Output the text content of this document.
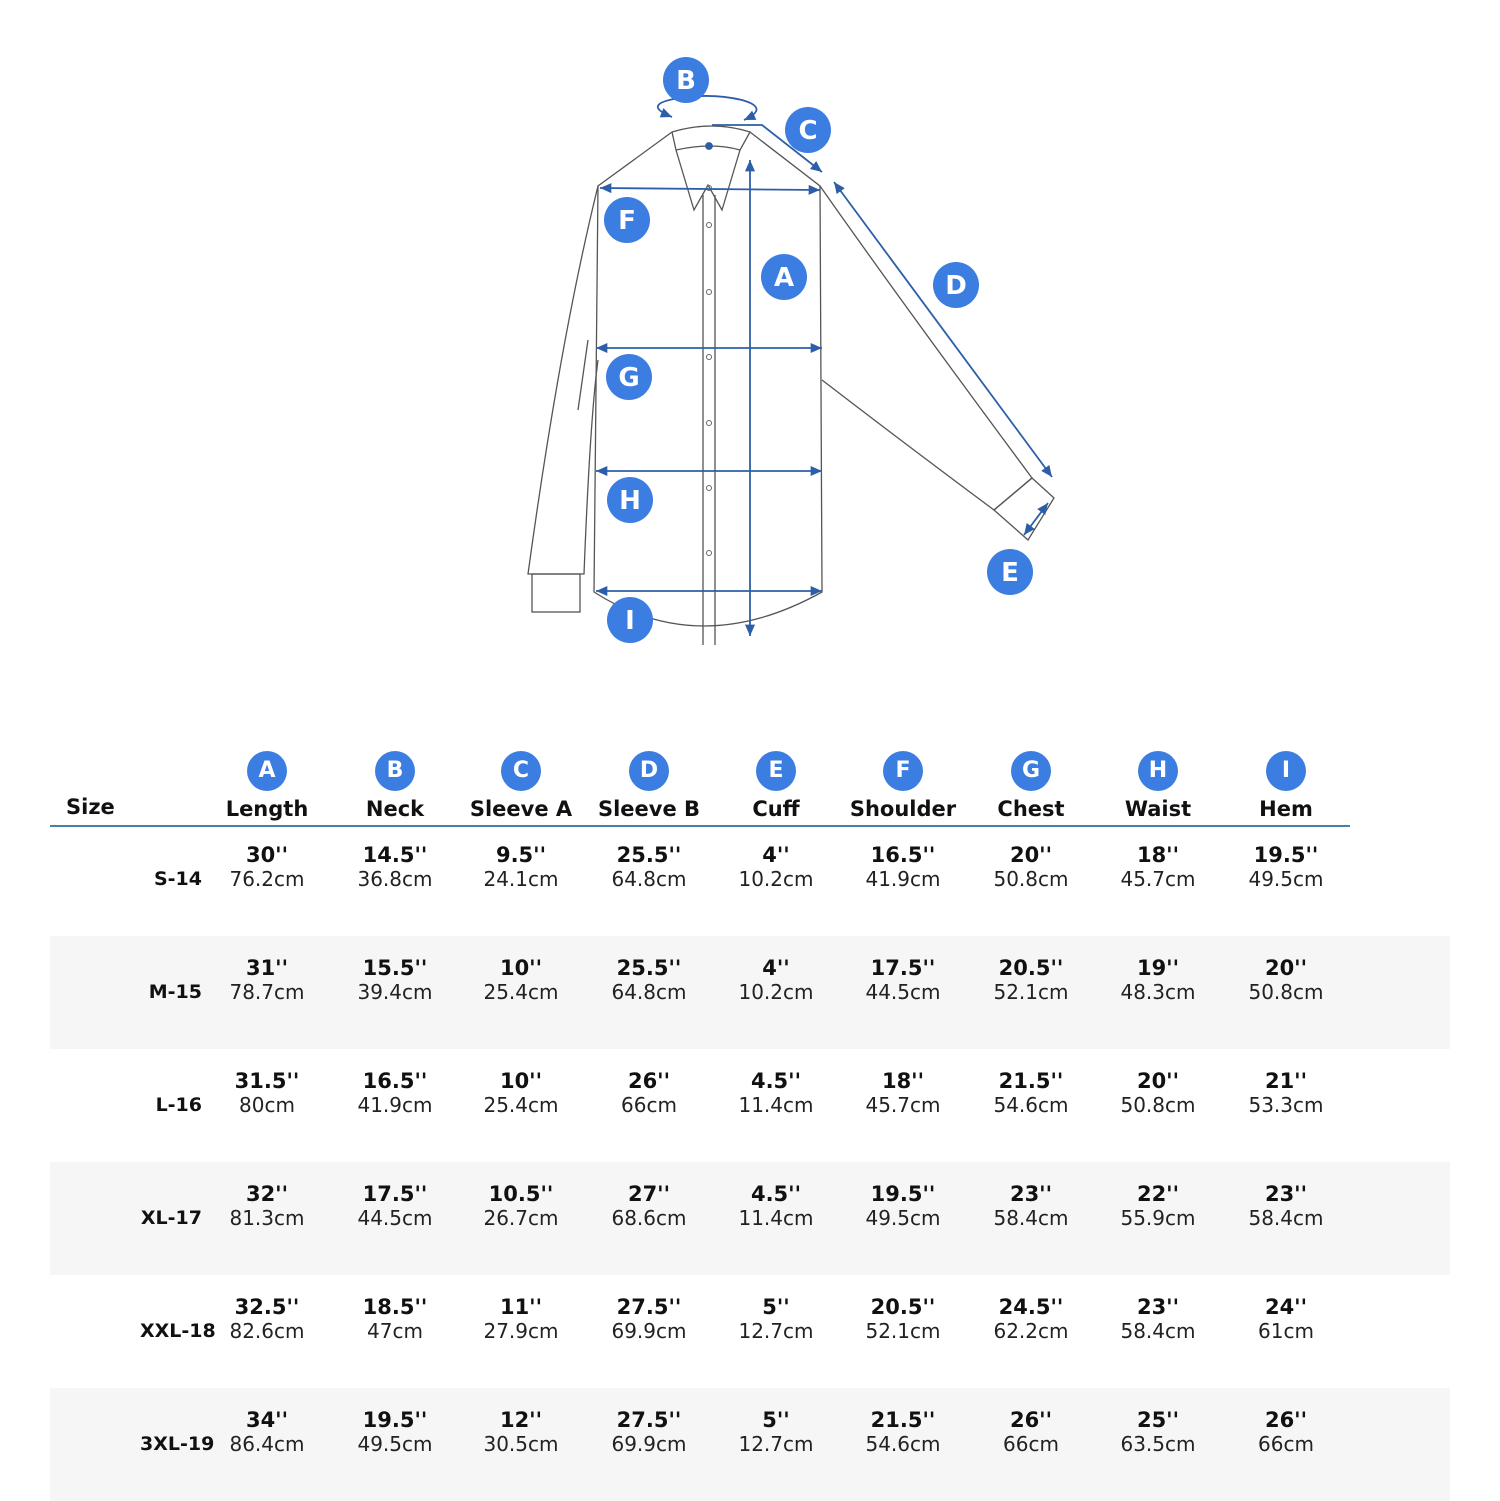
B
C
F
A	D
G
H
E
I
Size
A
Length
B
Neck
C
Sleeve A
D
Sleeve B
E
Cuff
F
Shoulder
G
Chest
H
Waist
I
Hem
S-14
30''
76.2cm
14.5''
36.8cm
9.5''
24.1cm
25.5''
64.8cm
4''
10.2cm
16.5''
41.9cm
20''
50.8cm
18''
45.7cm
19.5''
49.5cm
M-15
31''
78.7cm
15.5''
39.4cm
10''
25.4cm
25.5''
64.8cm
4''
10.2cm
17.5''
44.5cm
20.5''
52.1cm
19''
48.3cm
20''
50.8cm
L-16
31.5''
80cm
16.5''
41.9cm
10''
25.4cm
26''
66cm
4.5''
11.4cm
18''
45.7cm
21.5''
54.6cm
20''
50.8cm
21''
53.3cm
XL-17
32''
81.3cm
17.5''
44.5cm
10.5''
26.7cm
27''
68.6cm
4.5''
11.4cm
19.5''
49.5cm
23''
58.4cm
22''
55.9cm
23''
58.4cm
XXL-18
32.5''
82.6cm
18.5''
47cm
11''
27.9cm
27.5''
69.9cm
5''
12.7cm
20.5''
52.1cm
24.5''
62.2cm
23''
58.4cm
24''
61cm
3XL-19
34''
86.4cm
19.5''
49.5cm
12''
30.5cm
27.5''
69.9cm
5''
12.7cm
21.5''
54.6cm
26''
66cm
25''
63.5cm
26''
66cm
